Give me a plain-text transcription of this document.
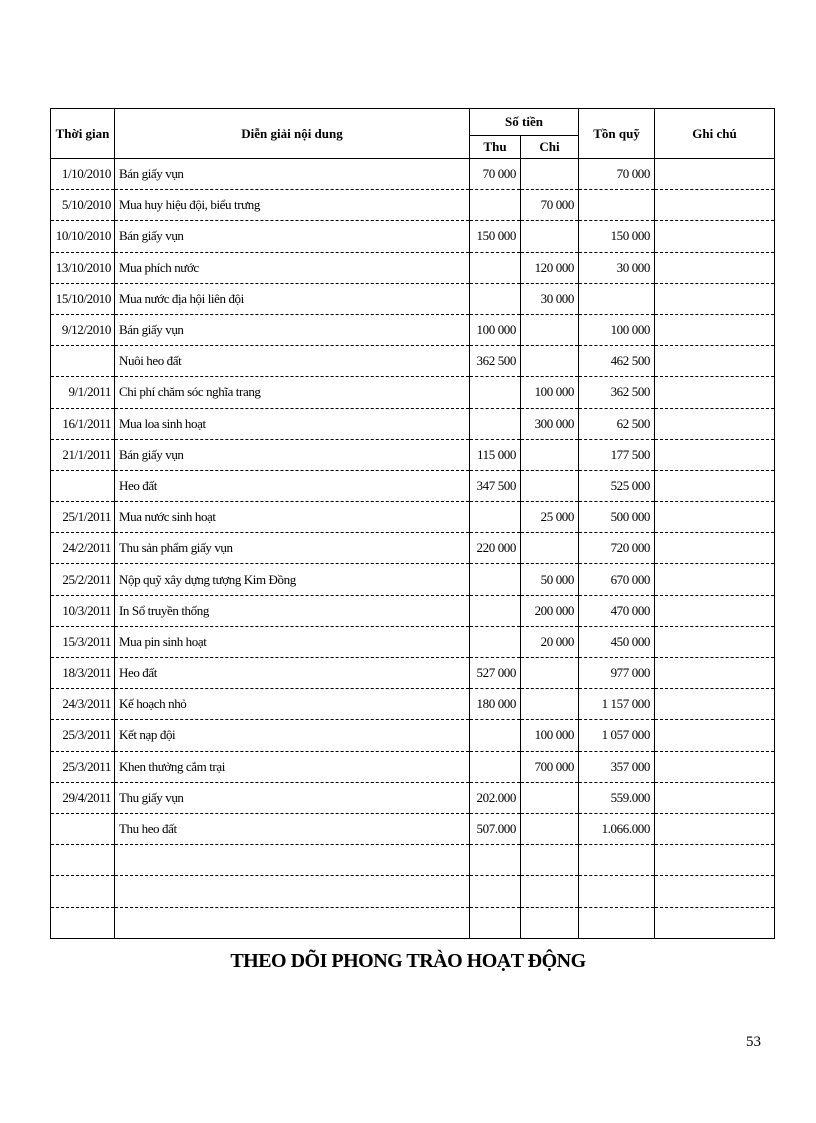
Thời gian	Diễn giải nội dung	Số tiền		Tồn quỹ	Ghi chú
		Thu	Chi		
1/10/2010	Bán giấy vụn	70 000		70 000	
5/10/2010	Mua huy hiệu đội, biểu trưng		70 000		
10/10/2010	Bán giấy vụn	150 000		150 000	
13/10/2010	Mua phích nước		120 000	30 000	
15/10/2010	Mua nước địa hội liên đội		30 000		
9/12/2010	Bán giấy vụn	100 000		100 000	
	Nuôi heo đất	362 500		462 500	
9/1/2011	Chi phí chăm sóc nghĩa trang		100 000	362 500	
16/1/2011	Mua loa sinh hoạt		300 000	62 500	
21/1/2011	Bán giấy vụn	115 000		177 500	
	Heo đất	347 500		525 000	
25/1/2011	Mua nước sinh hoạt		25 000	500 000	
24/2/2011	Thu sản phẩm giấy vụn	220 000		720 000	
25/2/2011	Nộp quỹ xây dựng tượng Kim Đồng		50 000	670 000	
10/3/2011	In Sổ truyền thống		200 000	470 000	
15/3/2011	Mua pin sinh hoạt		20 000	450 000	
18/3/2011	Heo đất	527 000		977 000	
24/3/2011	Kế hoạch nhỏ	180 000		1 157 000	
25/3/2011	Kết nạp đội		100 000	1 057 000	
25/3/2011	Khen thưởng cắm trại		700 000	357 000	
29/4/2011	Thu giấy vụn	202.000		559.000	
	Thu heo đất	507.000		1.066.000	

THEO DÕI PHONG TRÀO HOẠT ĐỘNG
53
